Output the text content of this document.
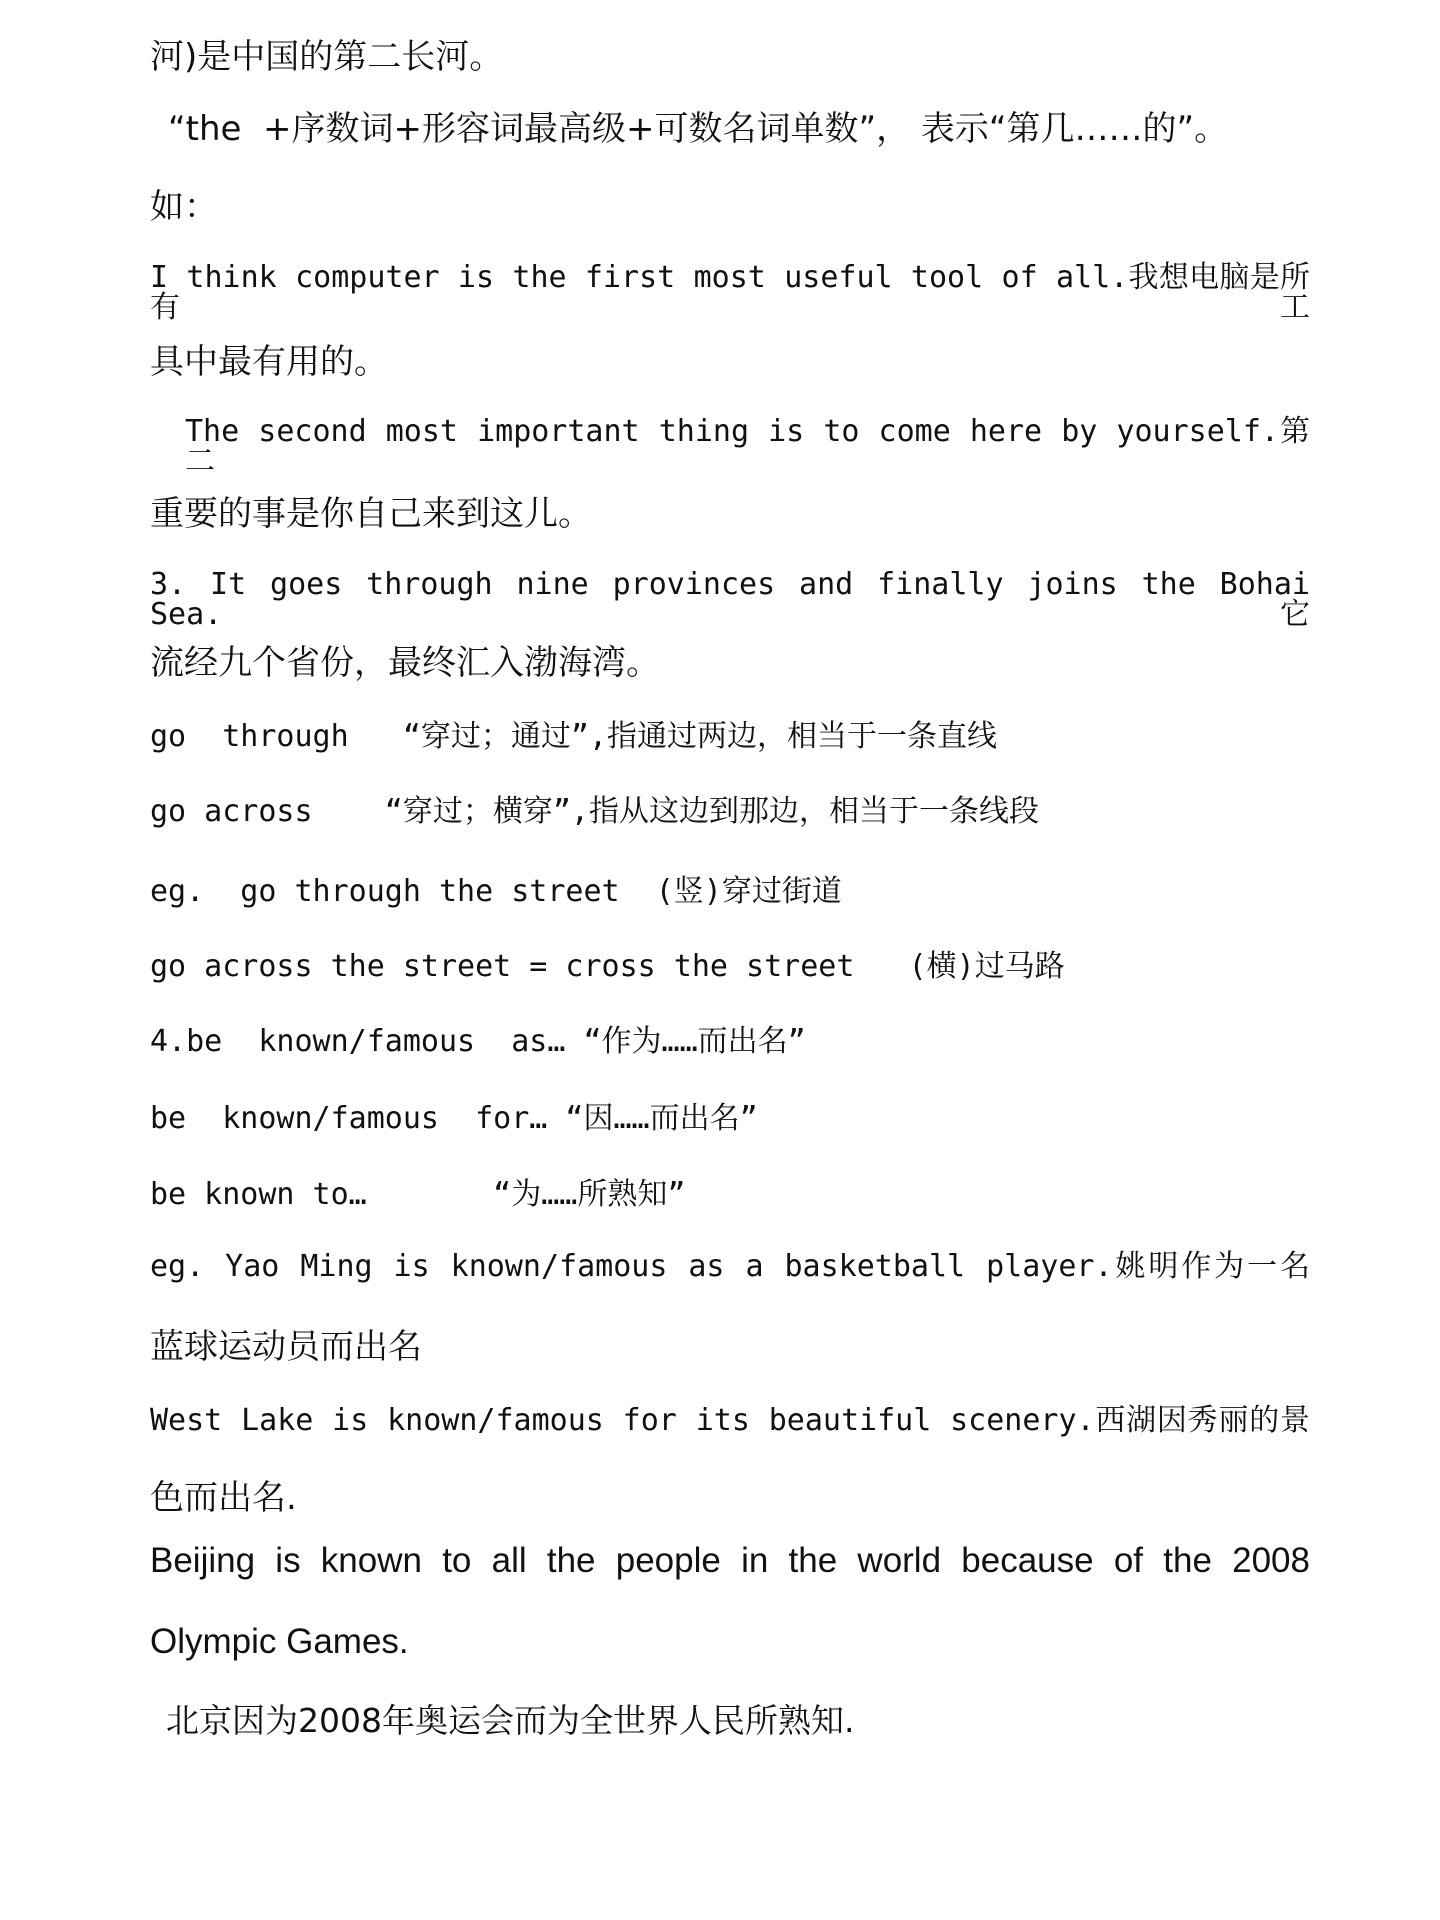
河)是中国的第二长河。
“the  +序数词+形容词最高级+可数名词单数”， 表示“第几……的”。
如：
I think computer is the first most useful tool of all.我想电脑是所有工
具中最有用的。
The second most important thing is to come here by yourself.第二
重要的事是你自己来到这儿。
3. It goes through nine provinces and finally joins the Bohai Sea.它
流经九个省份，最终汇入渤海湾。
go  through   “穿过；通过”,指通过两边，相当于一条直线
go across    “穿过；横穿”,指从这边到那边，相当于一条线段
eg.  go through the street  (竖)穿过街道
go across the street = cross the street   (横)过马路
4.be  known/famous  as… “作为……而出名”
be  known/famous  for… “因……而出名”
be known to…       “为……所熟知”
eg. Yao Ming is known/famous as a basketball player.姚明作为一名
蓝球运动员而出名
West Lake is known/famous for its beautiful scenery.西湖因秀丽的景
色而出名.
Beijing is known to all the people in the world because of the 2008
Olympic Games.
北京因为2008年奥运会而为全世界人民所熟知.
